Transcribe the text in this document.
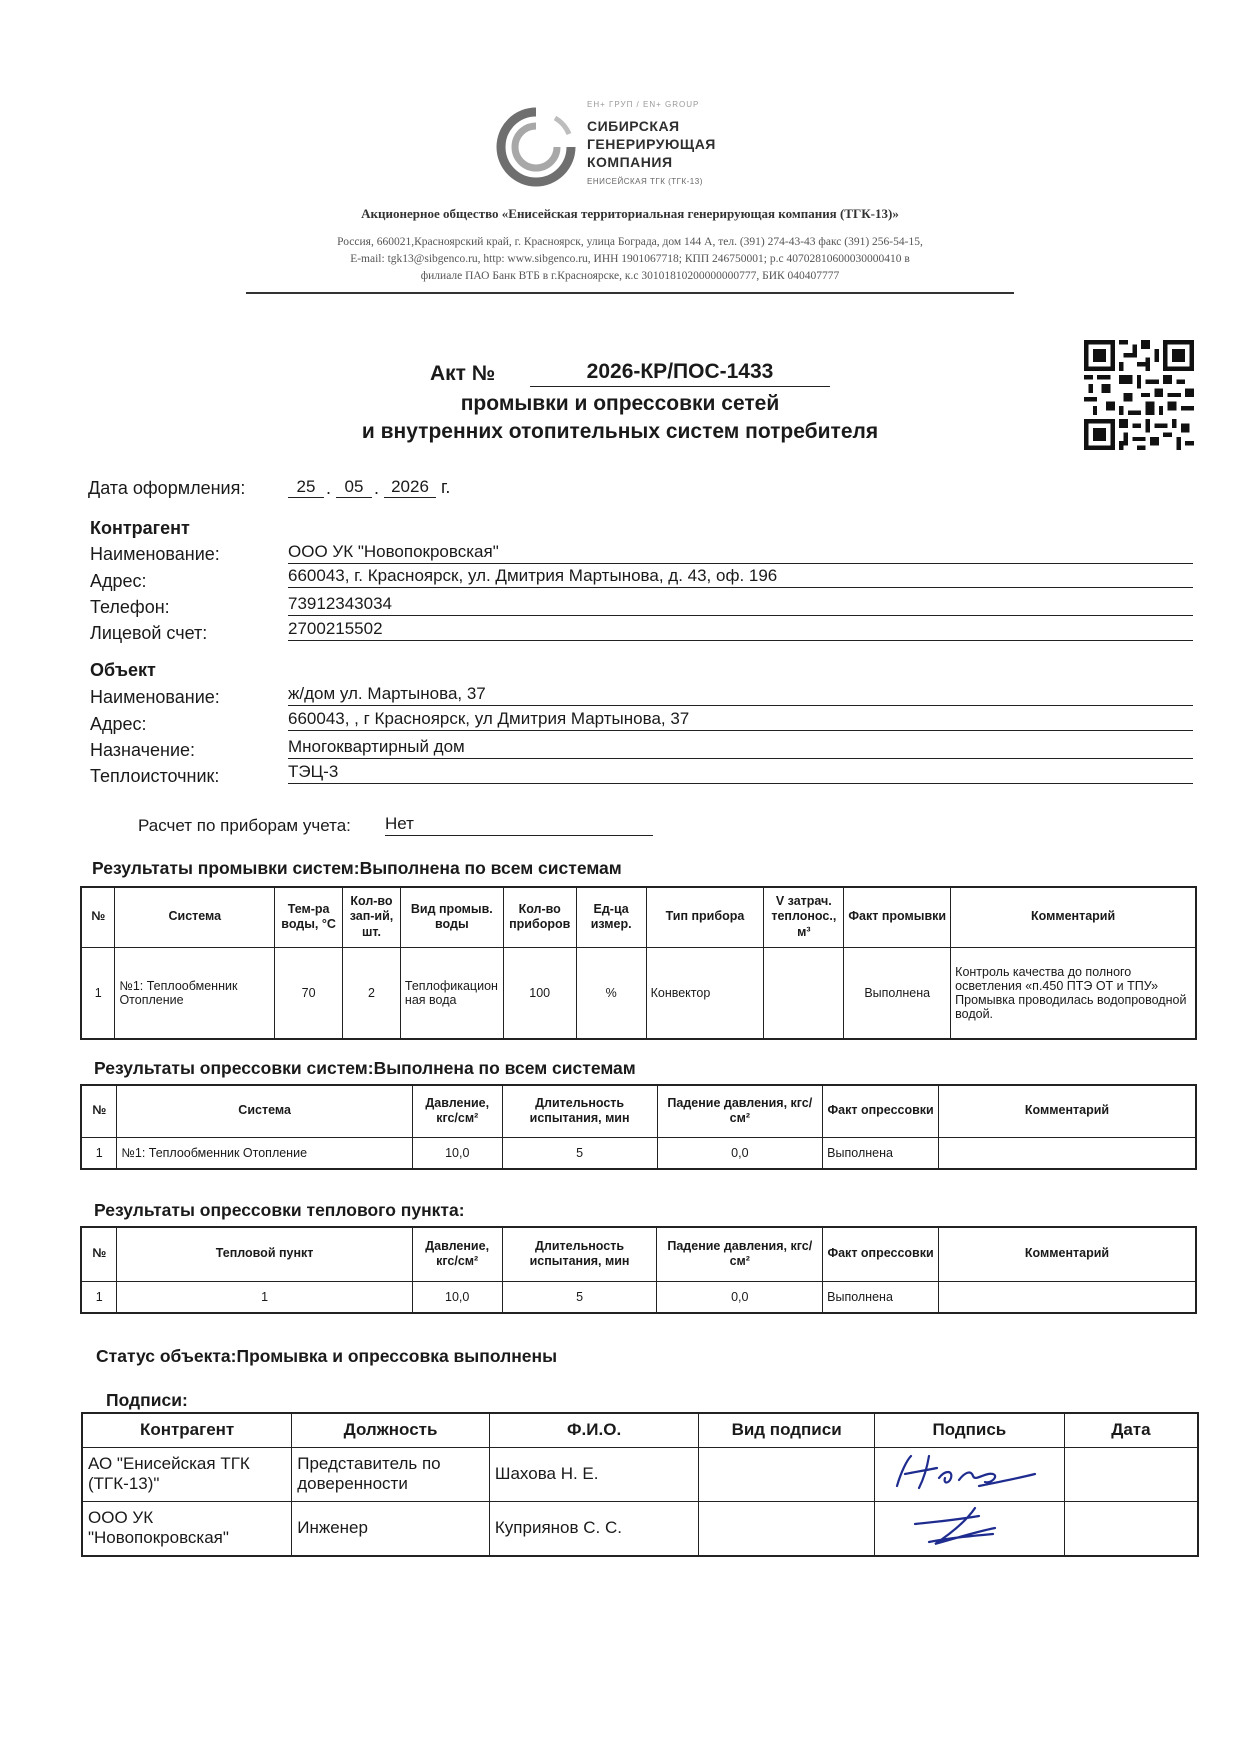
ЕН+ ГРУП / EN+ GROUP
СИБИРСКАЯ
ГЕНЕРИРУЮЩАЯ
КОМПАНИЯ
ЕНИСЕЙСКАЯ ТГК (ТГК-13)
Акционерное общество «Енисейская территориальная генерирующая компания (ТГК-13)»
Россия, 660021,Красноярский край, г. Красноярск, улица Бограда, дом 144 А, тел. (391) 274-43-43 факс (391) 256-54-15,
E-mail: tgk13@sibgenco.ru, http: www.sibgenco.ru, ИНН 1901067718; КПП 246750001; р.с 40702810600030000410 в
филиале ПАО Банк ВТБ в г.Красноярске, к.с 30101810200000000777, БИК 040407777
Акт №	2026-КР/ПОС-1433
промывки и опрессовки сетей
и внутренних отопительных систем потребителя
Дата оформления:	25 . 05 . 2026 г.
Контрагент
Наименование:	ООО УК "Новопокровская"
Адрес:	660043, г. Красноярск, ул. Дмитрия Мартынова, д. 43, оф. 196
Телефон:	73912343034
Лицевой счет:	2700215502
Объект
Наименование:	ж/дом ул. Мартынова, 37
Адрес:	660043, , г Красноярск, ул Дмитрия Мартынова, 37
Назначение:	Многоквартирный дом
Теплоисточник:	ТЭЦ-3
Расчет по приборам учета: Нет
Результаты промывки систем:Выполнена по всем системам
№	Система	Тем-ра воды, °С	Кол-во зап-ий, шт.	Вид промыв. воды	Кол-во приборов	Ед-ца измер.	Тип прибора	V затрач. теплонос., м³	Факт промывки	Комментарий
1	№1: Теплообменник Отопление	70	2	Теплофикационная вода	100	%	Конвектор		Выполнена	Контроль качества до полного осветления «п.450 ПТЭ ОТ и ТПУ»
Промывка проводилась водопроводной водой.
Результаты опрессовки систем:Выполнена по всем системам
№	Система	Давление, кгс/см²	Длительность испытания, мин	Падение давления, кгс/см²	Факт опрессовки	Комментарий
1	№1: Теплообменник Отопление	10,0	5	0,0	Выполнена	
Результаты опрессовки теплового пункта:
№	Тепловой пункт	Давление, кгс/см²	Длительность испытания, мин	Падение давления, кгс/см²	Факт опрессовки	Комментарий
1	1	10,0	5	0,0	Выполнена	
Статус объекта:Промывка и опрессовка выполнены
Подписи:
Контрагент	Должность	Ф.И.О.	Вид подписи	Подпись	Дата
АО "Енисейская ТГК (ТГК-13)"	Представитель по доверенности	Шахова Н. Е.			
ООО УК "Новопокровская"	Инженер	Куприянов С. С.			
